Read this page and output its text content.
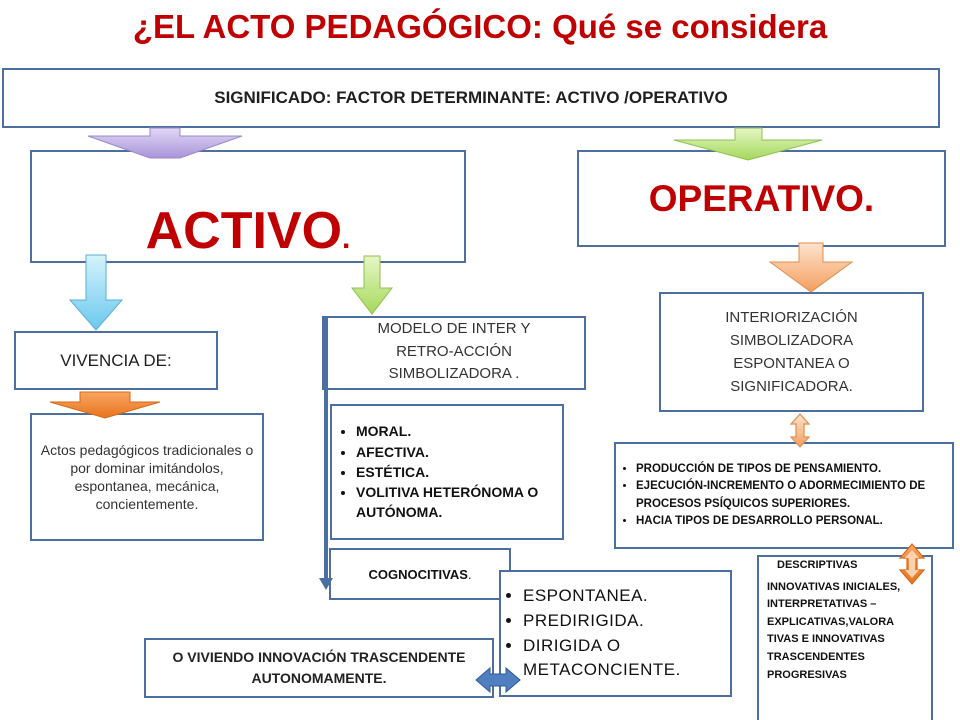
¿EL ACTO PEDAGÓGICO: Qué se considera
SIGNIFICADO: FACTOR DETERMINANTE: ACTIVO /OPERATIVO
ACTIVO.
OPERATIVO.
VIVENCIA DE:
Actos pedagógicos tradicionales o por dominar imitándolos, espontanea, mecánica, concientemente.
MODELO DE INTER Y RETRO-ACCIÓN SIMBOLIZADORA .
• MORAL.
• AFECTIVA.
• ESTÉTICA.
• VOLITIVA HETERÓNOMA O AUTÓNOMA.
COGNOCITIVAS.
O VIVIENDO INNOVACIÓN TRASCENDENTE AUTONOMAMENTE.
• ESPONTANEA.
• PREDIRIGIDA.
• DIRIGIDA O METACONCIENTE.
INTERIORIZACIÓN SIMBOLIZADORA ESPONTANEA O SIGNIFICADORA.
• PRODUCCIÓN DE TIPOS DE PENSAMIENTO.
• EJECUCIÓN-INCREMENTO O ADORMECIMIENTO DE PROCESOS PSÍQUICOS SUPERIORES.
• HACIA TIPOS DE DESARROLLO PERSONAL.
DESCRIPTIVAS
INNOVATIVAS INICIALES, INTERPRETATIVAS – EXPLICATIVAS,VALORA TIVAS E INNOVATIVAS TRASCENDENTES PROGRESIVAS
